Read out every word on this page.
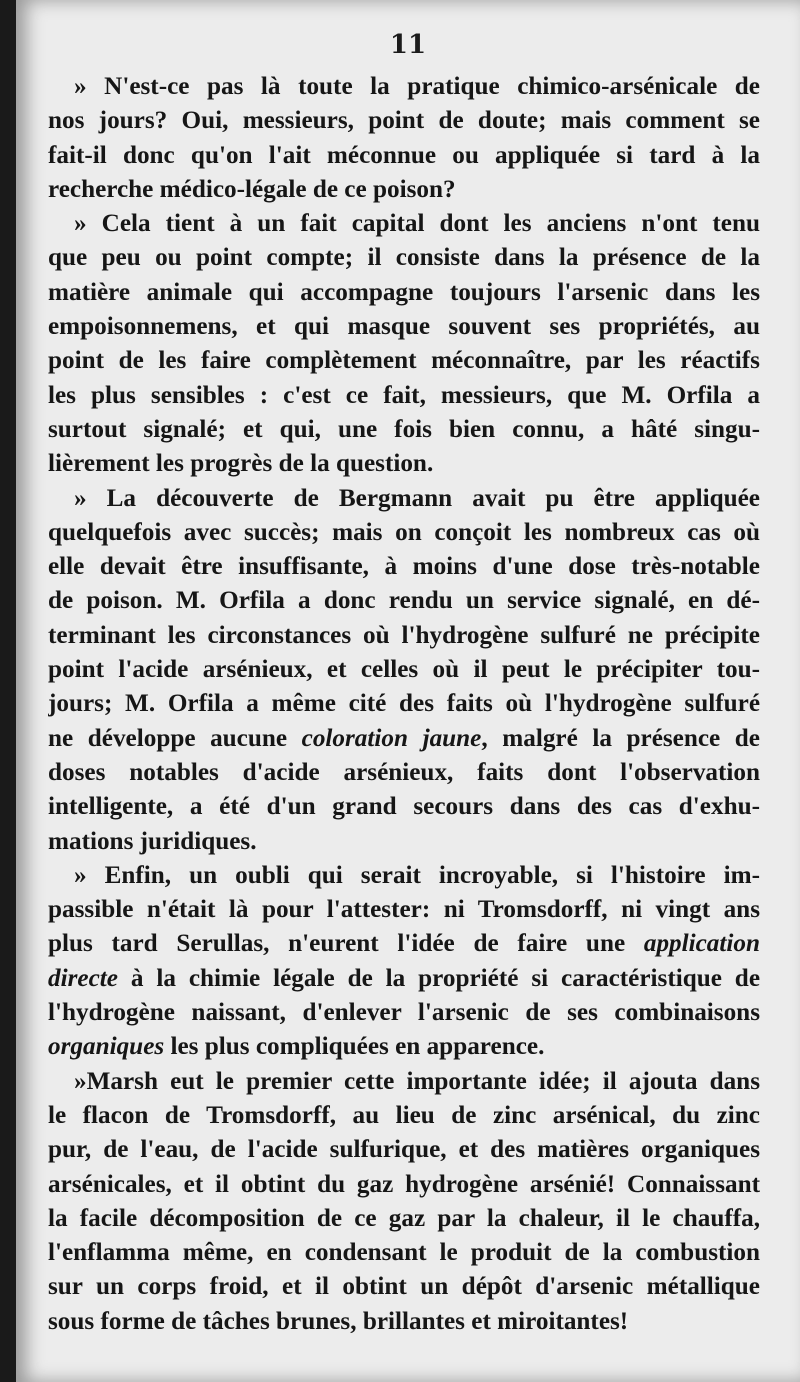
11
» N'est-ce pas là toute la pratique chimico-arsénicale de
nos jours? Oui, messieurs, point de doute; mais comment se
fait-il donc qu'on l'ait méconnue ou appliquée si tard à la
recherche médico-légale de ce poison?
» Cela tient à un fait capital dont les anciens n'ont tenu
que peu ou point compte; il consiste dans la présence de la
matière animale qui accompagne toujours l'arsenic dans les
empoisonnemens, et qui masque souvent ses propriétés, au
point de les faire complètement méconnaître, par les réactifs
les plus sensibles : c'est ce fait, messieurs, que M. Orfila a
surtout signalé; et qui, une fois bien connu, a hâté singu-
lièrement les progrès de la question.
» La découverte de Bergmann avait pu être appliquée
quelquefois avec succès; mais on conçoit les nombreux cas où
elle devait être insuffisante, à moins d'une dose très-notable
de poison. M. Orfila a donc rendu un service signalé, en dé-
terminant les circonstances où l'hydrogène sulfuré ne précipite
point l'acide arsénieux, et celles où il peut le précipiter tou-
jours; M. Orfila a même cité des faits où l'hydrogène sulfuré
ne développe aucune coloration jaune, malgré la présence de
doses notables d'acide arsénieux, faits dont l'observation
intelligente, a été d'un grand secours dans des cas d'exhu-
mations juridiques.
» Enfin, un oubli qui serait incroyable, si l'histoire im-
passible n'était là pour l'attester: ni Tromsdorff, ni vingt ans
plus tard Serullas, n'eurent l'idée de faire une application
directe à la chimie légale de la propriété si caractéristique de
l'hydrogène naissant, d'enlever l'arsenic de ses combinaisons
organiques les plus compliquées en apparence.
»Marsh eut le premier cette importante idée; il ajouta dans
le flacon de Tromsdorff, au lieu de zinc arsénical, du zinc
pur, de l'eau, de l'acide sulfurique, et des matières organiques
arsénicales, et il obtint du gaz hydrogène arsénié! Connaissant
la facile décomposition de ce gaz par la chaleur, il le chauffa,
l'enflamma même, en condensant le produit de la combustion
sur un corps froid, et il obtint un dépôt d'arsenic métallique
sous forme de tâches brunes, brillantes et miroitantes!
